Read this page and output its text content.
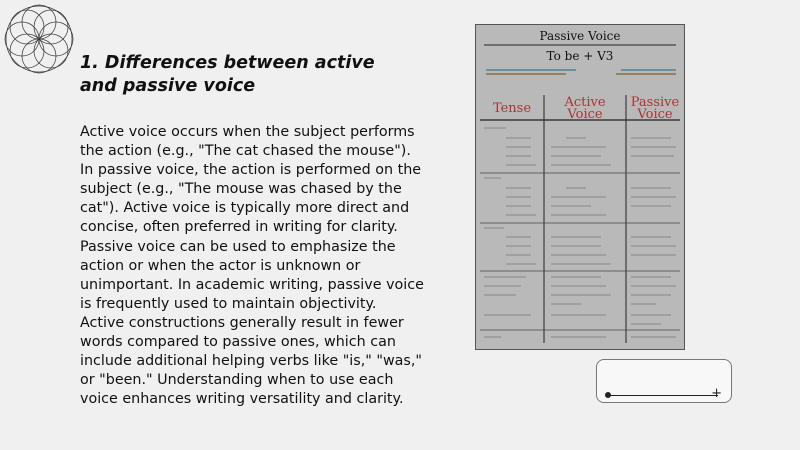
1. Differences between active and passive voice
Active voice occurs when the subject performs the action (e.g., "The cat chased the mouse"). In passive voice, the action is performed on the subject (e.g., "The mouse was chased by the cat"). Active voice is typically more direct and concise, often preferred in writing for clarity. Passive voice can be used to emphasize the action or when the actor is unknown or unimportant. In academic writing, passive voice is frequently used to maintain objectivity. Active constructions generally result in fewer words compared to passive ones, which can include additional helping verbs like "is," "was," or "been." Understanding when to use each voice enhances writing versatility and clarity.
Passive Voice
To be + V3
Tense	Active Voice
Passive Voice
+
